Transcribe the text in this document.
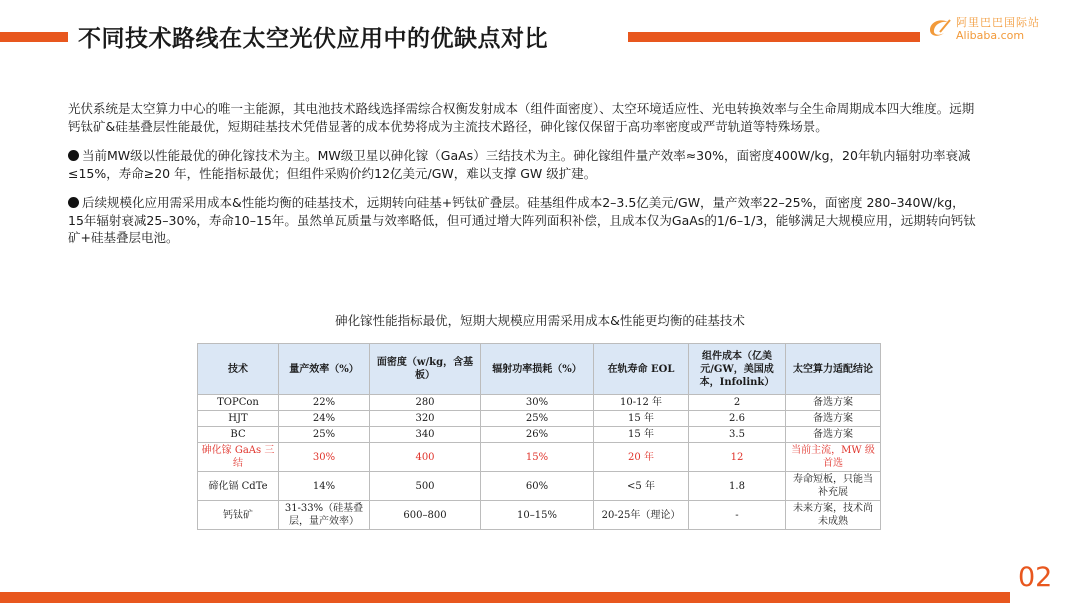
不同技术路线在太空光伏应用中的优缺点对比
阿里巴巴国际站
Alibaba.com

光伏系统是太空算力中心的唯一主能源，其电池技术路线选择需综合权衡发射成本（组件面密度）、太空环境适应性、光电转换效率与全生命周期成本四大维度。远期钙钛矿&硅基叠层性能最优，短期硅基技术凭借显著的成本优势将成为主流技术路径，砷化镓仅保留于高功率密度或严苛轨道等特殊场景。

当前MW级以性能最优的砷化镓技术为主。MW级卫星以砷化镓（GaAs）三结技术为主。砷化镓组件量产效率≈30%，面密度400W/kg，20年轨内辐射功率衰减≤15%，寿命≥20 年，性能指标最优；但组件采购价约12亿美元/GW，难以支撑 GW 级扩建。

后续规模化应用需采用成本&性能均衡的硅基技术，远期转向硅基+钙钛矿叠层。硅基组件成本2–3.5亿美元/GW，量产效率22–25%，面密度 280–340W/kg，15年辐射衰减25–30%，寿命10–15年。虽然单瓦质量与效率略低，但可通过增大阵列面积补偿，且成本仅为GaAs的1/6–1/3，能够满足大规模应用，远期转向钙钛矿+硅基叠层电池。

砷化镓性能指标最优，短期大规模应用需采用成本&性能更均衡的硅基技术
技术	量产效率（%）	面密度（w/kg，含基板）	辐射功率损耗（%）	在轨寿命 EOL	组件成本（亿美元/GW，美国成本，Infolink）	太空算力适配结论
TOPCon	22%	280	30%	10-12 年	2	备选方案
HJT	24%	320	25%	15 年	2.6	备选方案
BC	25%	340	26%	15 年	3.5	备选方案
砷化镓 GaAs 三结	30%	400	15%	20 年	12	当前主流，MW 级首选
碲化镉 CdTe	14%	500	60%	<5 年	1.8	寿命短板，只能当补充展
钙钛矿	31-33%（硅基叠层，量产效率）	600–800	10–15%	20-25年（理论）	-	未来方案，技术尚未成熟
02
